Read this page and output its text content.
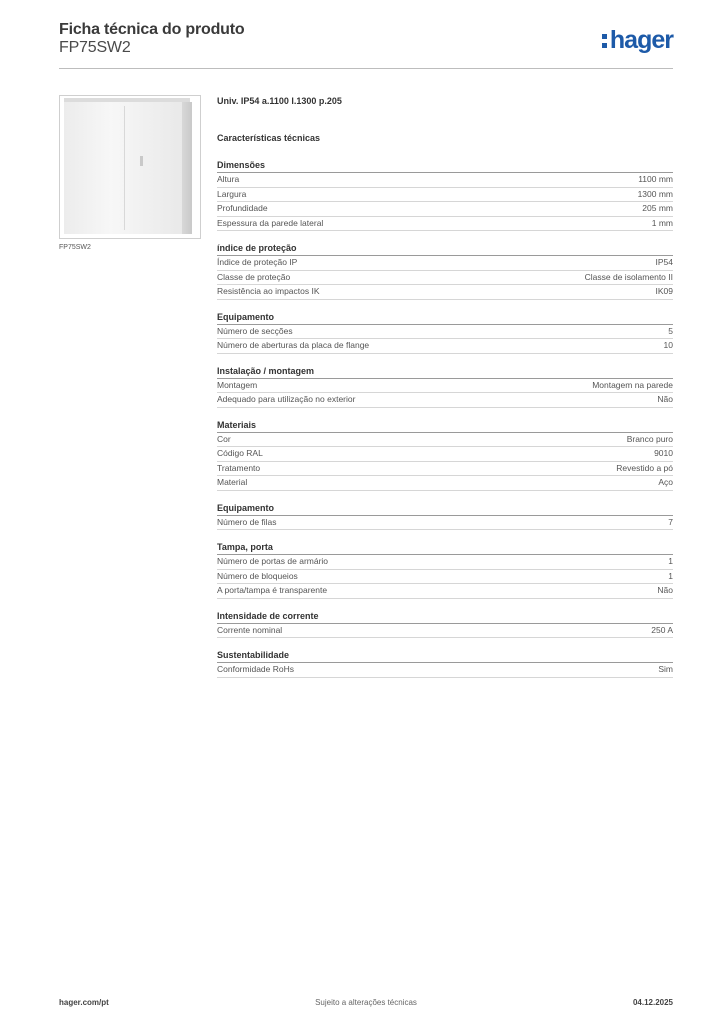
Ficha técnica do produto
FP75SW2	hager
FP75SW2
Univ. IP54 a.1100 l.1300 p.205
Características técnicas
Dimensões
Altura	1100 mm
Largura	1300 mm
Profundidade	205 mm
Espessura da parede lateral	1 mm
índice de proteção
Índice de proteção IP	IP54
Classe de proteção	Classe de isolamento II
Resistência ao impactos IK	IK09
Equipamento
Número de secções	5
Número de aberturas da placa de flange	10
Instalação / montagem
Montagem	Montagem na parede
Adequado para utilização no exterior	Não
Materiais
Cor	Branco puro
Código RAL	9010
Tratamento	Revestido a pó
Material	Aço
Equipamento
Número de filas	7
Tampa, porta
Número de portas de armário	1
Número de bloqueios	1
A porta/tampa é transparente	Não
Intensidade de corrente
Corrente nominal	250 A
Sustentabilidade
Conformidade RoHs	Sim
hager.com/pt	Sujeito a alterações técnicas	04.12.2025
